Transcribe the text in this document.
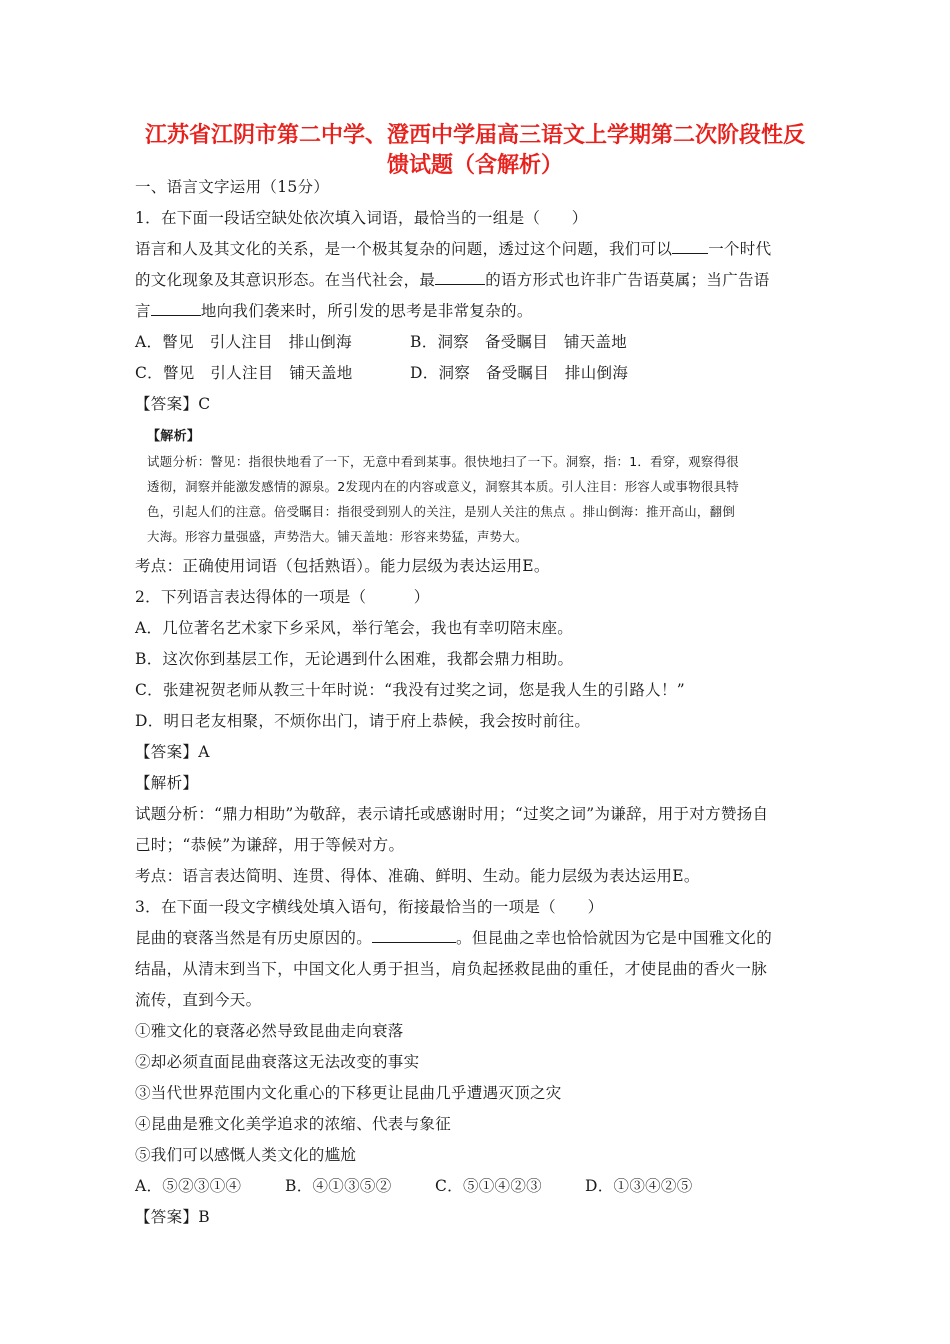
江苏省江阴市第二中学、澄西中学届高三语文上学期第二次阶段性反
馈试题（含解析）

一、语言文字运用（15分）

1．在下面一段话空缺处依次填入词语，最恰当的一组是（　　）

语言和人及其文化的关系，是一个极其复杂的问题，透过这个问题，我们可以 一个时代

的文化现象及其意识形态。在当代社会，最	的语方形式也许非广告语莫属；当广告语

言	地向我们袭来时，所引发的思考是非常复杂的。

A．瞥见　引人注目　排山倒海	B．洞察　备受瞩目　铺天盖地

C．瞥见　引人注目　铺天盖地	D．洞察　备受瞩目　排山倒海

【答案】C

【解析】

试题分析：瞥见：指很快地看了一下，无意中看到某事。很快地扫了一下。洞察，指：1．看穿，观察得很

透彻，洞察并能激发感情的源泉。2发现内在的内容或意义，洞察其本质。引人注目：形容人或事物很具特

色，引起人们的注意。倍受瞩目：指很受到别人的关注，是别人关注的焦点 。排山倒海：推开高山，翻倒

大海。形容力量强盛，声势浩大。铺天盖地：形容来势猛，声势大。

考点：正确使用词语（包括熟语）。能力层级为表达运用E。

2．下列语言表达得体的一项是（　　　）

A．几位著名艺术家下乡采风，举行笔会，我也有幸叨陪末座。

B．这次你到基层工作，无论遇到什么困难，我都会鼎力相助。

C．张建祝贺老师从教三十年时说：“我没有过奖之词，您是我人生的引路人！”

D．明日老友相聚，不烦你出门，请于府上恭候，我会按时前往。

【答案】A

【解析】

试题分析：“鼎力相助”为敬辞，表示请托或感谢时用；“过奖之词”为谦辞，用于对方赞扬自

己时；“恭候”为谦辞，用于等候对方。

考点：语言表达简明、连贯、得体、准确、鲜明、生动。能力层级为表达运用E。

3．在下面一段文字横线处填入语句，衔接最恰当的一项是（　　）

昆曲的衰落当然是有历史原因的。	。但昆曲之幸也恰恰就因为它是中国雅文化的

结晶，从清末到当下，中国文化人勇于担当，肩负起拯救昆曲的重任，才使昆曲的香火一脉

流传，直到今天。

①雅文化的衰落必然导致昆曲走向衰落

②却必须直面昆曲衰落这无法改变的事实

③当代世界范围内文化重心的下移更让昆曲几乎遭遇灭顶之灾

④昆曲是雅文化美学追求的浓缩、代表与象征

⑤我们可以感慨人类文化的尴尬

A．⑤②③①④	B．④①③⑤②	C．⑤①④②③	D．①③④②⑤

【答案】B
